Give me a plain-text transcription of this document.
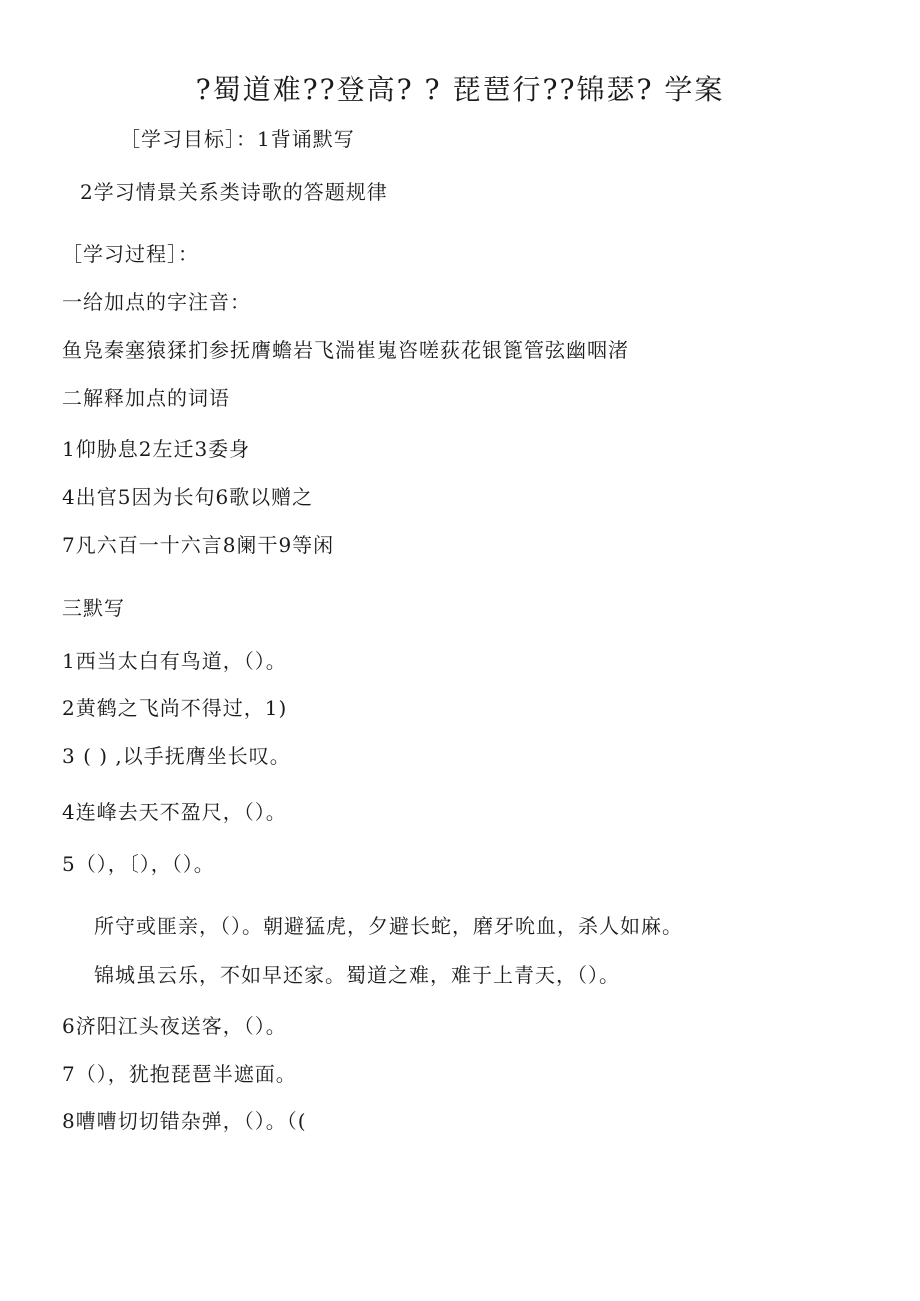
?蜀道难??登高? ? 琵琶行??锦瑟? 学案
［学习目标］：1背诵默写
2学习情景关系类诗歌的答题规律
［学习过程］：
一给加点的字注音：
鱼凫秦塞猿猱扪参抚膺蟾岩飞湍崔嵬咨嗟荻花银篦管弦幽咽渚
二解释加点的词语
1仰胁息2左迁3委身
4出官5因为长句6歌以赠之
7凡六百一十六言8阑干9等闲
三默写
1西当太白有鸟道，（）。
2黄鹤之飞尚不得过，1)
3 ( ) ,以手抚膺坐长叹。
4连峰去天不盈尺，（）。
5（），〔），（）。
所守或匪亲，（）。朝避猛虎，夕避长蛇，磨牙吮血，杀人如麻。
锦城虽云乐，不如早还家。蜀道之难，难于上青天，（）。
6济阳江头夜送客，（）。
7（），犹抱琵琶半遮面。
8嘈嘈切切错杂弹，（）。（(
